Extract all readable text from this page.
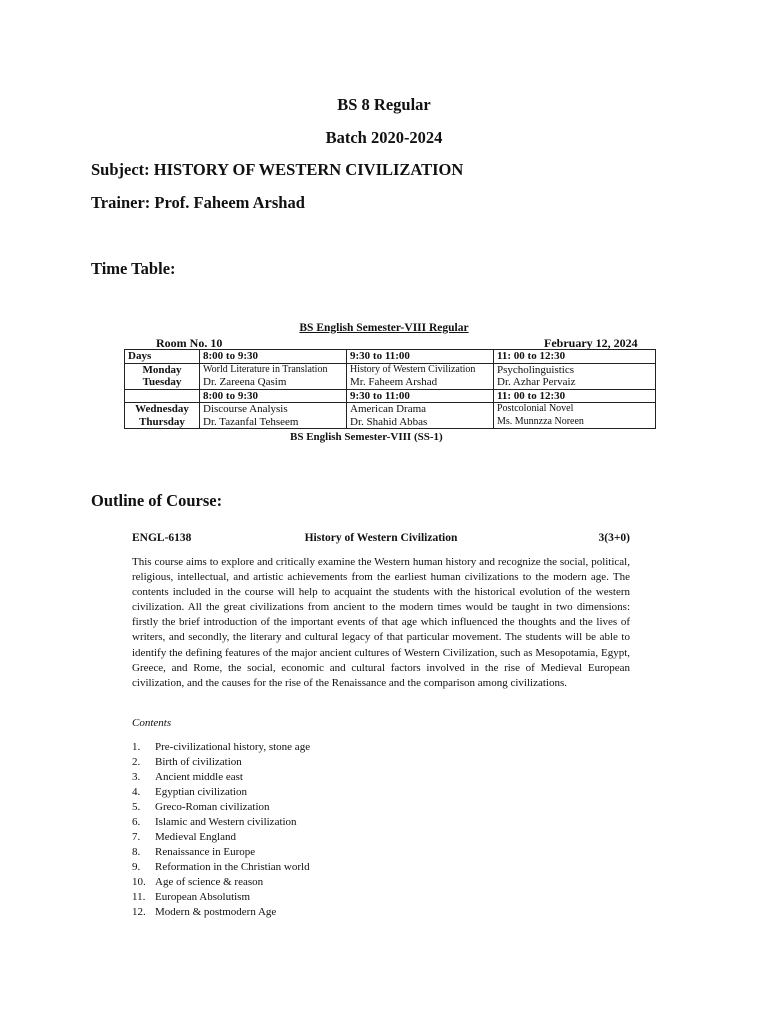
BS 8 Regular
Batch 2020-2024
Subject: HISTORY OF WESTERN CIVILIZATION
Trainer: Prof. Faheem Arshad
Time Table:
BS English Semester-VIII Regular
Room No. 10	February 12, 2024
Days	8:00 to 9:30	9:30 to 11:00	11: 00 to 12:30
Monday	World Literature in Translation	History of Western Civilization	Psycholinguistics
Tuesday	Dr. Zareena Qasim	Mr. Faheem Arshad	Dr. Azhar Pervaiz
	8:00 to 9:30	9:30 to 11:00	11: 00 to 12:30
Wednesday	Discourse Analysis	American Drama	Postcolonial Novel
Thursday	Dr. Tazanfal Tehseem	Dr. Shahid Abbas	Ms. Munnzza Noreen
BS English Semester-VIII (SS-1)
Outline of Course:
ENGL-6138	History of Western Civilization	3(3+0)
This course aims to explore and critically examine the Western human history and recognize the social, political, religious, intellectual, and artistic achievements from the earliest human civilizations to the modern age. The contents included in the course will help to acquaint the students with the historical evolution of the western civilization. All the great civilizations from ancient to the modern times would be taught in two dimensions: firstly the brief introduction of the important events of that age which influenced the thoughts and the lives of writers, and secondly, the literary and cultural legacy of that particular movement. The students will be able to identify the defining features of the major ancient cultures of Western Civilization, such as Mesopotamia, Egypt, Greece, and Rome, the social, economic and cultural factors involved in the rise of Medieval European civilization, and the causes for the rise of the Renaissance and the comparison among civilizations.
Contents
1. Pre-civilizational history, stone age
2. Birth of civilization
3. Ancient middle east
4. Egyptian civilization
5. Greco-Roman civilization
6. Islamic and Western civilization
7. Medieval England
8. Renaissance in Europe
9. Reformation in the Christian world
10. Age of science & reason
11. European Absolutism
12. Modern & postmodern Age
